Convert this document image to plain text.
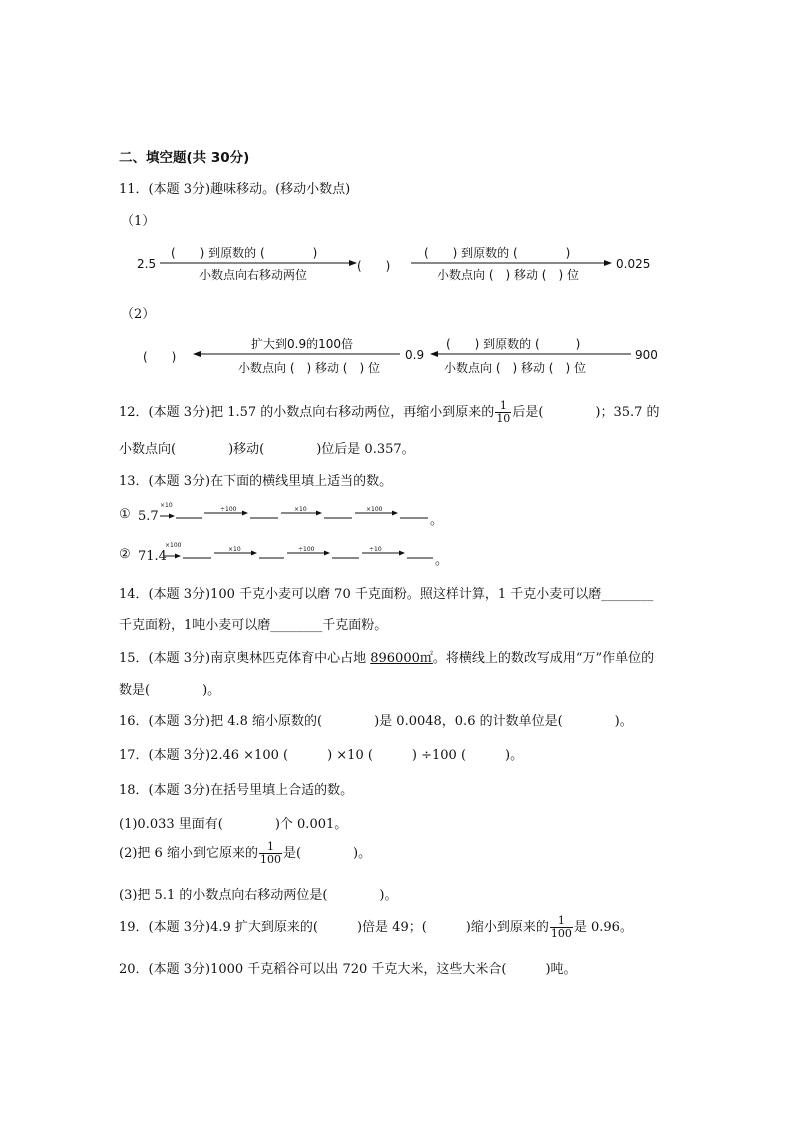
二、填空题(共 30分)
11．(本题 3分)趣味移动。(移动小数点)
（1）
2.5
(　　) 到原数的 (　　　　)
小数点向右移动两位
(　　)
(　　) 到原数的 (　　　　)
小数点向 (　) 移动 (　) 位
0.025
（2）
(　　)
扩大到0.9的100倍
小数点向 (　) 移动 (　) 位
0.9
(　　) 到原数的 (　　　)
小数点向 (　) 移动 (　) 位
900
12．(本题 3分)把 1.57 的小数点向右移动两位，再缩小到原来的 $\frac{1}{10}$ 后是(　　　　)；35.7 的
小数点向(　　　　)移动(　　　　)位后是 0.357。
13．(本题 3分)在下面的横线里填上适当的数。
① 5.7
×10
÷100	×10	×100
。
② 71.4
×100
×10	÷100	÷10
。
14．(本题 3分)100 千克小麦可以磨 70 千克面粉。照这样计算，1 千克小麦可以磨________
千克面粉，1吨小麦可以磨________千克面粉。
15．(本题 3分)南京奥林匹克体育中心占地 896000㎡。将横线上的数改写成用“万”作单位的
数是(　　　　)。
16．(本题 3分)把 4.8 缩小原数的(　　　　)是 0.0048，0.6 的计数单位是(　　　　)。
17．(本题 3分)2.46 ×100 (　　　) ×10 (　　　) ÷100 (　　　)。
18．(本题 3分)在括号里填上合适的数。
(1)0.033 里面有(　　　　)个 0.001。
(2)把 6 缩小到它原来的 $\frac{1}{100}$ 是(　　　　)。
(3)把 5.1 的小数点向右移动两位是(　　　　)。
19．(本题 3分)4.9 扩大到原来的(　　　)倍是 49；(　　　)缩小到原来的 $\frac{1}{100}$ 是 0.96。
20．(本题 3分)1000 千克稻谷可以出 720 千克大米，这些大米合(　　　)吨。
